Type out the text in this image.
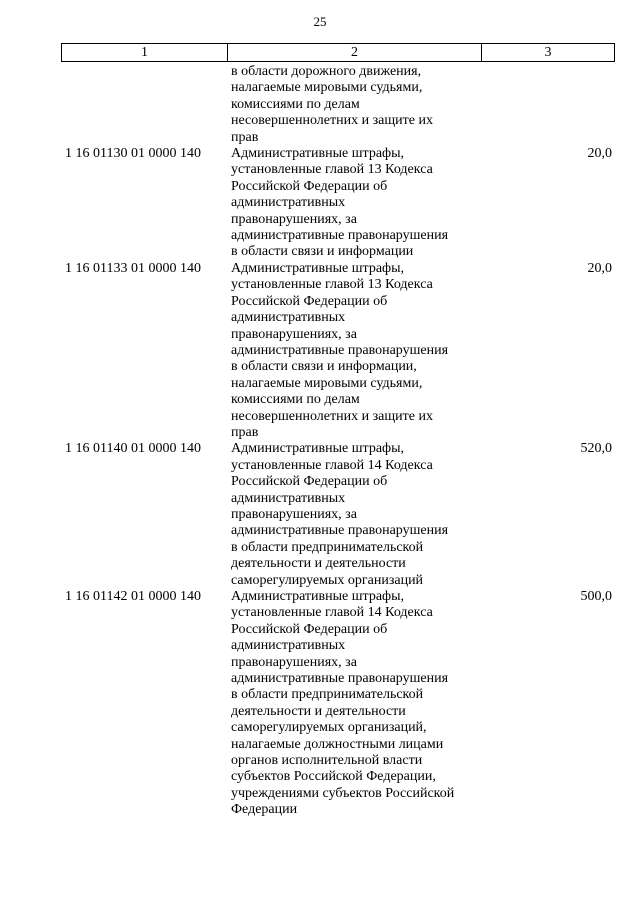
25
1	2	3
в области дорожного движения,
налагаемые мировыми судьями,
комиссиями по делам
несовершеннолетних и защите их
прав
1 16 01130 01 0000 140	Административные штрафы,
установленные главой 13 Кодекса
Российской Федерации об
административных
правонарушениях, за
административные правонарушения
в области связи и информации
20,0
1 16 01133 01 0000 140	Административные штрафы,
установленные главой 13 Кодекса
Российской Федерации об
административных
правонарушениях, за
административные правонарушения
в области связи и информации,
налагаемые мировыми судьями,
комиссиями по делам
несовершеннолетних и защите их
прав
20,0
1 16 01140 01 0000 140	Административные штрафы,
установленные главой 14 Кодекса
Российской Федерации об
административных
правонарушениях, за
административные правонарушения
в области предпринимательской
деятельности и деятельности
саморегулируемых организаций
520,0
1 16 01142 01 0000 140	Административные штрафы,
установленные главой 14 Кодекса
Российской Федерации об
административных
правонарушениях, за
административные правонарушения
в области предпринимательской
деятельности и деятельности
саморегулируемых организаций,
налагаемые должностными лицами
органов исполнительной власти
субъектов Российской Федерации,
учреждениями субъектов Российской
Федерации
500,0
